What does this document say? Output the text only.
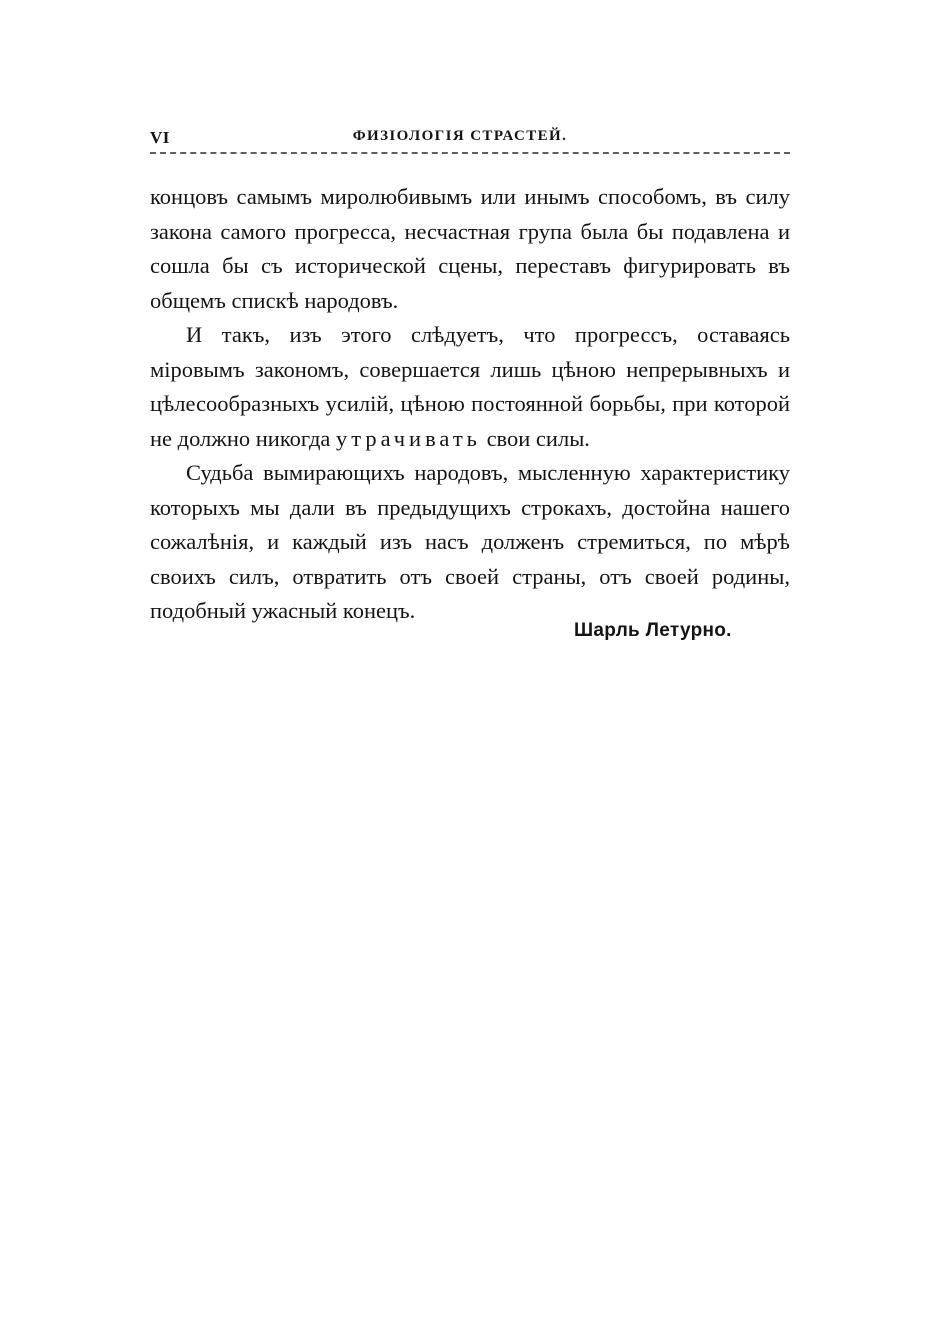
VI	ФИЗІОЛОГІЯ СТРАСТЕЙ.

концовъ самымъ миролюбивымъ или инымъ способомъ, въ силу закона самого прогресса, несчастная група была бы подавлена и сошла бы съ исторической сцены, переставъ фигурировать въ общемъ спискѣ народовъ.

И такъ, изъ этого слѣдуетъ, что прогрессъ, оставаясь міровымъ закономъ, совершается лишь цѣною непрерывныхъ и цѣлесообразныхъ усилій, цѣною постоянной борьбы, при которой не должно никогда утрачивать свои силы.

Судьба вымирающихъ народовъ, мысленную характеристику которыхъ мы дали въ предыдущихъ строкахъ, достойна нашего сожалѣнія, и каждый изъ насъ долженъ стремиться, по мѣрѣ своихъ силъ, отвратить отъ своей страны, отъ своей родины, подобный ужасный конецъ.

Шарль Летурно.
